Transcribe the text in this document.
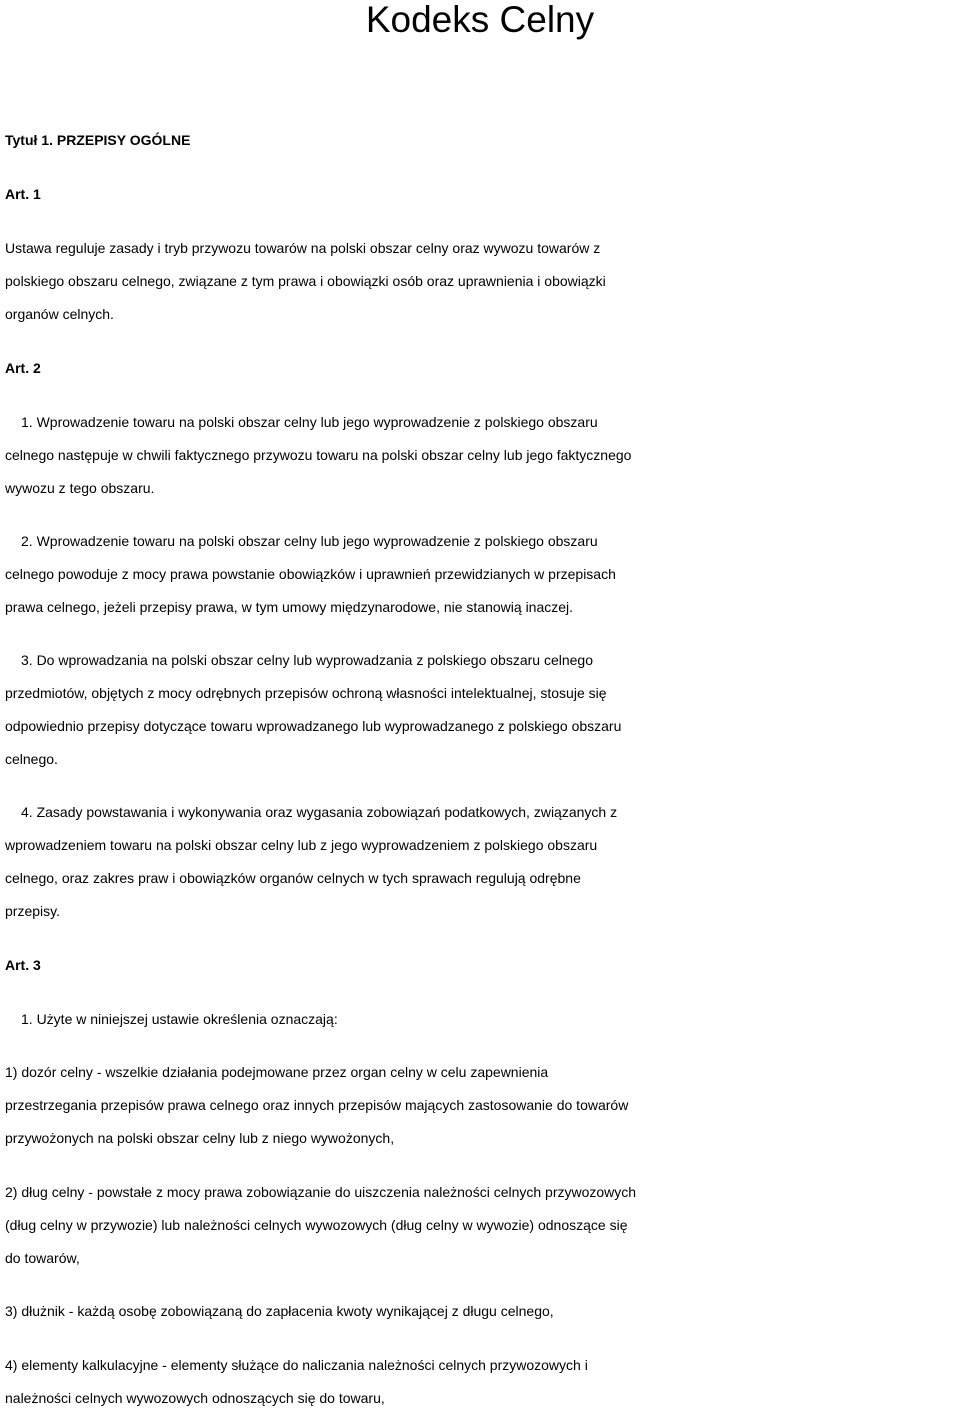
Kodeks Celny
Tytuł 1. PRZEPISY OGÓLNE
Art. 1
Ustawa reguluje zasady i tryb przywozu towarów na polski obszar celny oraz wywozu towarów z
polskiego obszaru celnego, związane z tym prawa i obowiązki osób oraz uprawnienia i obowiązki
organów celnych.
Art. 2
1. Wprowadzenie towaru na polski obszar celny lub jego wyprowadzenie z polskiego obszaru
celnego następuje w chwili faktycznego przywozu towaru na polski obszar celny lub jego faktycznego
wywozu z tego obszaru.
2. Wprowadzenie towaru na polski obszar celny lub jego wyprowadzenie z polskiego obszaru
celnego powoduje z mocy prawa powstanie obowiązków i uprawnień przewidzianych w przepisach
prawa celnego, jeżeli przepisy prawa, w tym umowy międzynarodowe, nie stanowią inaczej.
3. Do wprowadzania na polski obszar celny lub wyprowadzania z polskiego obszaru celnego
przedmiotów, objętych z mocy odrębnych przepisów ochroną własności intelektualnej, stosuje się
odpowiednio przepisy dotyczące towaru wprowadzanego lub wyprowadzanego z polskiego obszaru
celnego.
4. Zasady powstawania i wykonywania oraz wygasania zobowiązań podatkowych, związanych z
wprowadzeniem towaru na polski obszar celny lub z jego wyprowadzeniem z polskiego obszaru
celnego, oraz zakres praw i obowiązków organów celnych w tych sprawach regulują odrębne
przepisy.
Art. 3
1. Użyte w niniejszej ustawie określenia oznaczają:
1) dozór celny - wszelkie działania podejmowane przez organ celny w celu zapewnienia
przestrzegania przepisów prawa celnego oraz innych przepisów mających zastosowanie do towarów
przywożonych na polski obszar celny lub z niego wywożonych,
2) dług celny - powstałe z mocy prawa zobowiązanie do uiszczenia należności celnych przywozowych
(dług celny w przywozie) lub należności celnych wywozowych (dług celny w wywozie) odnoszące się
do towarów,
3) dłużnik - każdą osobę zobowiązaną do zapłacenia kwoty wynikającej z długu celnego,
4) elementy kalkulacyjne - elementy służące do naliczania należności celnych przywozowych i
należności celnych wywozowych odnoszących się do towaru,
